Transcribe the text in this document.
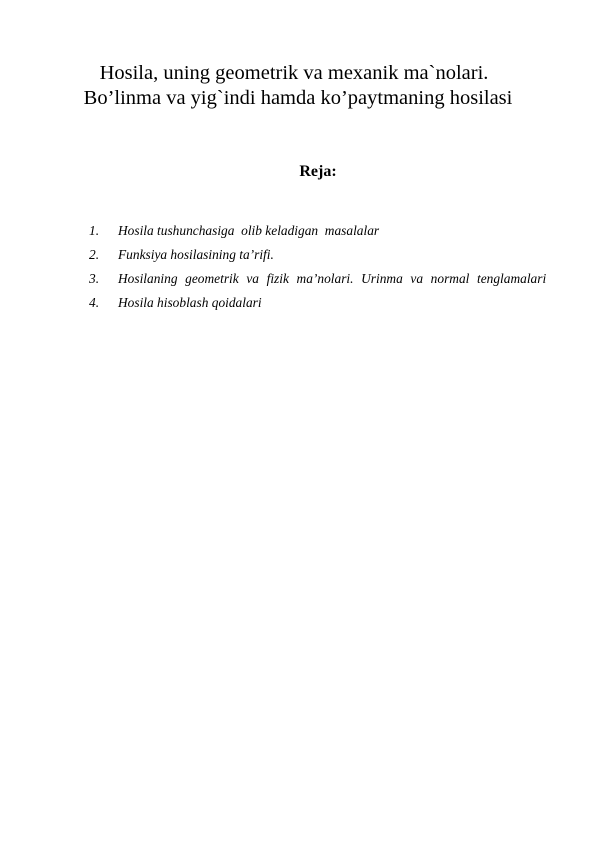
Hosila, uning geometrik va mexanik ma`nolari.
Bo’linma va yig`indi hamda ko’paytmaning hosilasi
Reja:
1. Hosila tushunchasiga  olib keladigan  masalalar
2. Funksiya hosilasining ta’rifi.
3. Hosilaning geometrik va fizik ma’nolari. Urinma va normal tenglamalari
4. Hosila hisoblash qoidalari
